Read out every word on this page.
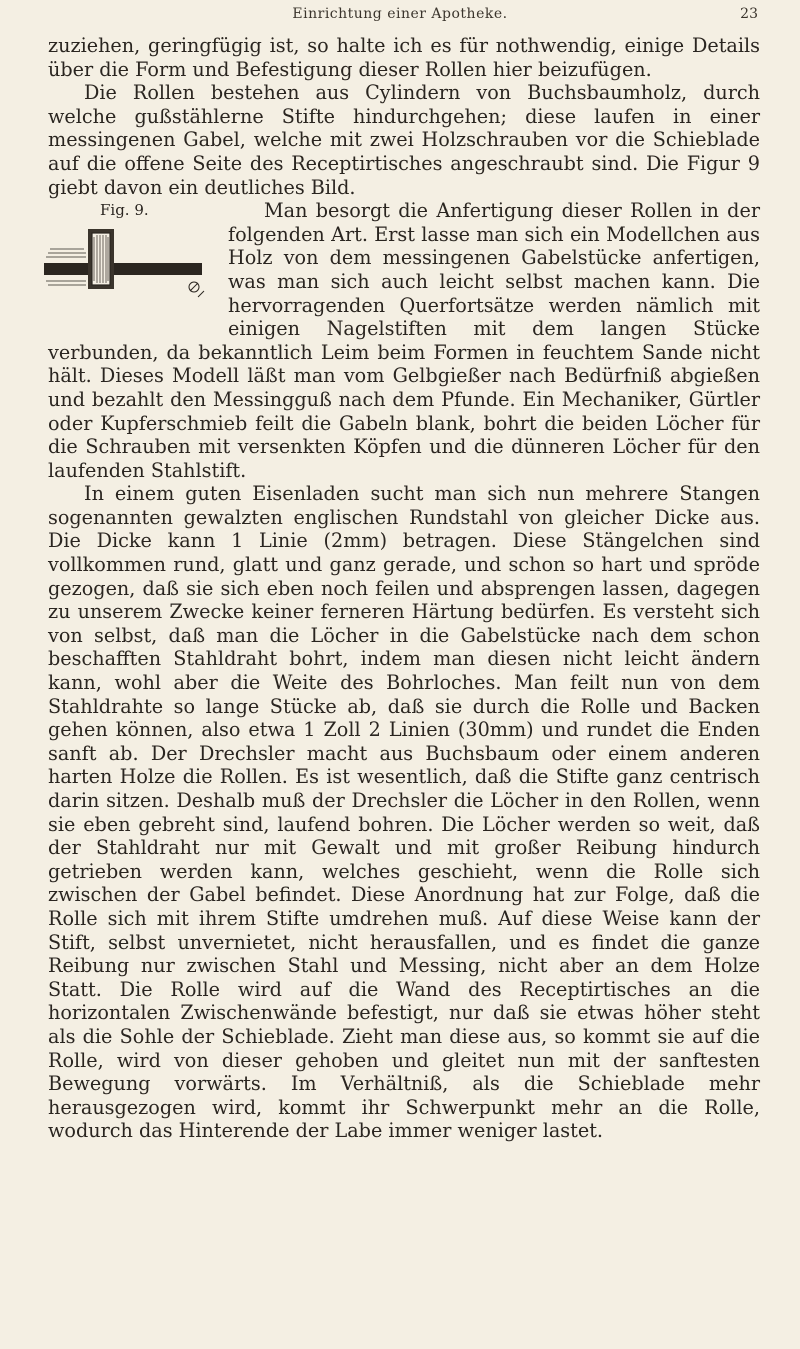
Einrichtung einer Apotheke.	23

zuziehen, geringfügig ist, so halte ich es für nothwendig, einige Details über die Form und Befestigung dieser Rollen hier beizufügen.

Die Rollen bestehen aus Cylindern von Buchsbaumholz, durch welche gußstählerne Stifte hindurchgehen; diese laufen in einer messingenen Gabel, welche mit zwei Holzschrauben vor die Schieblade auf die offene Seite des Receptirtisches angeschraubt sind. Die Figur 9 giebt davon ein deutliches Bild.

Fig. 9.	Man besorgt die Anfertigung dieser Rollen in der folgenden Art. Erst lasse man sich ein Modellchen aus Holz von dem messingenen Gabelstücke anfertigen, was man sich auch leicht selbst machen kann. Die hervorragenden Querfortsätze werden nämlich mit einigen Nagelstiften mit dem langen Stücke verbunden, da bekanntlich Leim beim Formen in feuchtem Sande nicht hält. Dieses Modell läßt man vom Gelbgießer nach Bedürfniß abgießen und bezahlt den Messingguß nach dem Pfunde. Ein Mechaniker, Gürtler oder Kupferschmieb feilt die Gabeln blank, bohrt die beiden Löcher für die Schrauben mit versenkten Köpfen und die dünneren Löcher für den laufenden Stahlstift.

In einem guten Eisenladen sucht man sich nun mehrere Stangen sogenannten gewalzten englischen Rundstahl von gleicher Dicke aus. Die Dicke kann 1 Linie (2mm) betragen. Diese Stängelchen sind vollkommen rund, glatt und ganz gerade, und schon so hart und spröde gezogen, daß sie sich eben noch feilen und absprengen lassen, dagegen zu unserem Zwecke keiner ferneren Härtung bedürfen. Es versteht sich von selbst, daß man die Löcher in die Gabelstücke nach dem schon beschafften Stahldraht bohrt, indem man diesen nicht leicht ändern kann, wohl aber die Weite des Bohrloches. Man feilt nun von dem Stahldrahte so lange Stücke ab, daß sie durch die Rolle und Backen gehen können, also etwa 1 Zoll 2 Linien (30mm) und rundet die Enden sanft ab. Der Drechsler macht aus Buchsbaum oder einem anderen harten Holze die Rollen. Es ist wesentlich, daß die Stifte ganz centrisch darin sitzen. Deshalb muß der Drechsler die Löcher in den Rollen, wenn sie eben gebreht sind, laufend bohren. Die Löcher werden so weit, daß der Stahldraht nur mit Gewalt und mit großer Reibung hindurch getrieben werden kann, welches geschieht, wenn die Rolle sich zwischen der Gabel befindet. Diese Anordnung hat zur Folge, daß die Rolle sich mit ihrem Stifte umdrehen muß. Auf diese Weise kann der Stift, selbst unvernietet, nicht herausfallen, und es findet die ganze Reibung nur zwischen Stahl und Messing, nicht aber an dem Holze Statt. Die Rolle wird auf die Wand des Receptirtisches an die horizontalen Zwischenwände befestigt, nur daß sie etwas höher steht als die Sohle der Schieblade. Zieht man diese aus, so kommt sie auf die Rolle, wird von dieser gehoben und gleitet nun mit der sanftesten Bewegung vorwärts. Im Verhältniß, als die Schieblade mehr herausgezogen wird, kommt ihr Schwerpunkt mehr an die Rolle, wodurch das Hinterende der Labe immer weniger lastet.
